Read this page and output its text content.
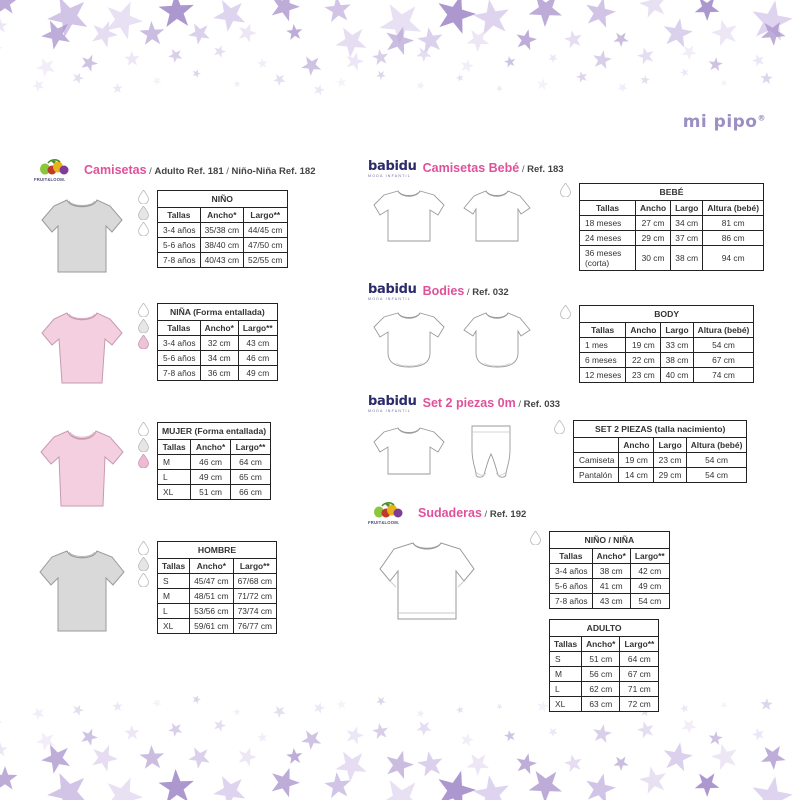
mi pipo®
FRUIT&LOOM.
Camisetas / Adulto Ref. 181 / Niño-Niña Ref. 182
NIÑO		
Tallas	Ancho*	Largo**
3-4 años	35/38 cm	44/45 cm
5-6 años	38/40 cm	47/50 cm
7-8 años	40/43 cm	52/55 cm
NIÑA (Forma entallada)		
Tallas	Ancho*	Largo**
3-4 años	32 cm	43 cm
5-6 años	34 cm	46 cm
7-8 años	36 cm	49 cm
MUJER (Forma entallada)		
Tallas	Ancho*	Largo**
M	46 cm	64 cm
L	49 cm	65 cm
XL	51 cm	66 cm
HOMBRE		
Tallas	Ancho*	Largo**
S	45/47 cm	67/68 cm
M	48/51 cm	71/72 cm
L	53/56 cm	73/74 cm
XL	59/61 cm	76/77 cm
babidu
MODA INFANTIL
Camisetas Bebé / Ref. 183
BEBÉ			
Tallas	Ancho	Largo	Altura (bebé)
18 meses	27 cm	34 cm	81 cm
24 meses	29 cm	37 cm	86 cm
36 meses (corta)	30 cm	38 cm	94 cm
babidu
MODA INFANTIL
Bodies / Ref. 032
BODY			
Tallas	Ancho	Largo	Altura (bebé)
1 mes	19 cm	33 cm	54 cm
6 meses	22 cm	38 cm	67 cm
12 meses	23 cm	40 cm	74 cm
babidu
MODA INFANTIL
Set 2 piezas 0m / Ref. 033
SET 2 PIEZAS (talla nacimiento)			
	Ancho	Largo	Altura (bebé)
Camiseta	19 cm	23 cm	54 cm
Pantalón	14 cm	29 cm	54 cm
FRUIT&LOOM.
Sudaderas / Ref. 192
NIÑO / NIÑA		
Tallas	Ancho*	Largo**
3-4 años	38 cm	42 cm
5-6 años	41 cm	49 cm
7-8 años	43 cm	54 cm
ADULTO		
Tallas	Ancho*	Largo**
S	51 cm	64 cm
M	56 cm	67 cm
L	62 cm	71 cm
XL	63 cm	72 cm
